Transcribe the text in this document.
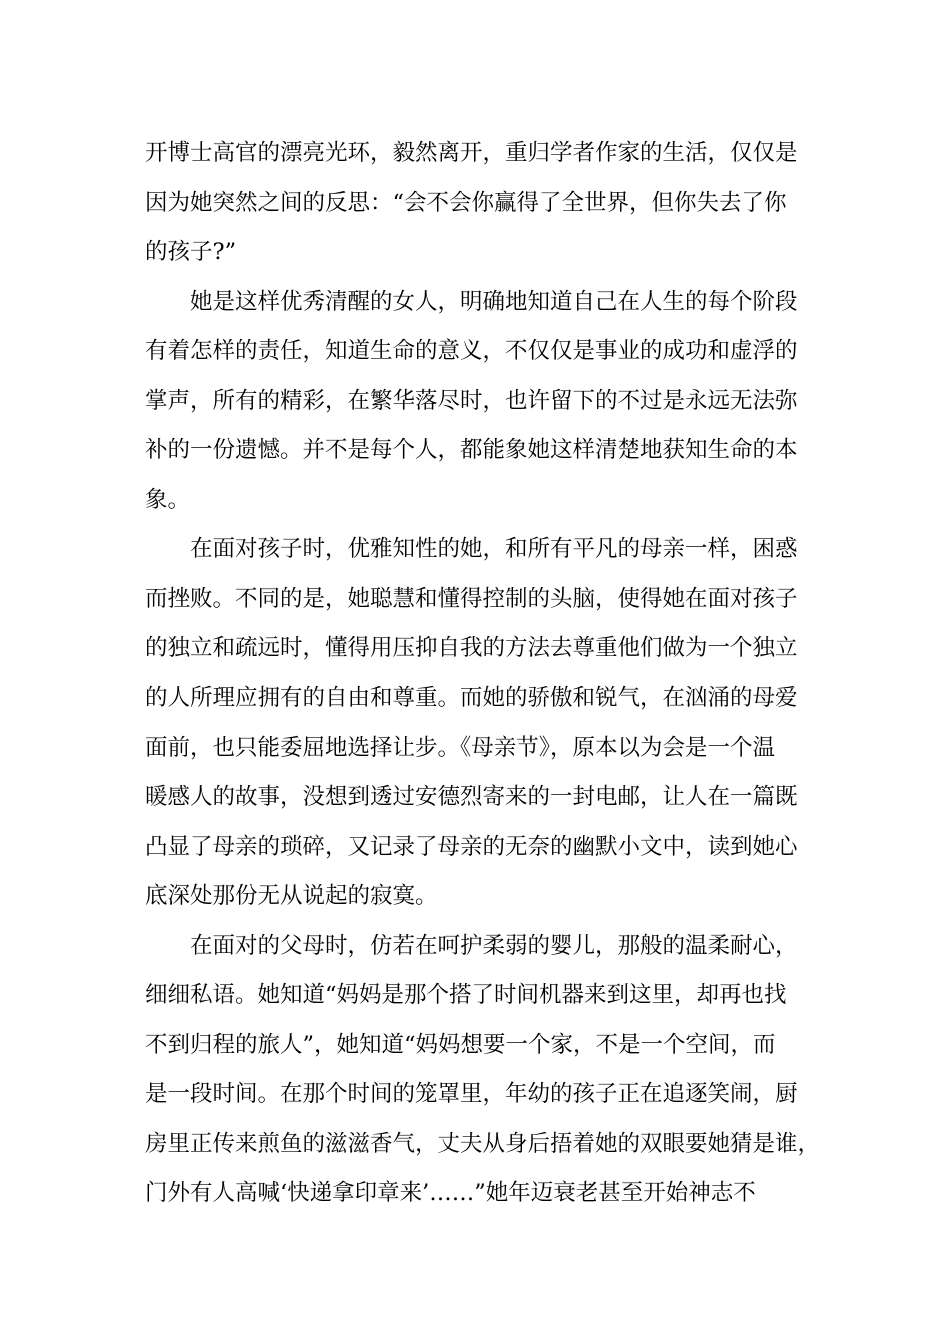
开博士高官的漂亮光环，毅然离开，重归学者作家的生活，仅仅是
因为她突然之间的反思：“会不会你赢得了全世界，但你失去了你
的孩子?”
她是这样优秀清醒的女人，明确地知道自己在人生的每个阶段
有着怎样的责任，知道生命的意义，不仅仅是事业的成功和虚浮的
掌声，所有的精彩，在繁华落尽时，也许留下的不过是永远无法弥
补的一份遗憾。并不是每个人，都能象她这样清楚地获知生命的本
象。
在面对孩子时，优雅知性的她，和所有平凡的母亲一样，困惑
而挫败。不同的是，她聪慧和懂得控制的头脑，使得她在面对孩子
的独立和疏远时，懂得用压抑自我的方法去尊重他们做为一个独立
的人所理应拥有的自由和尊重。而她的骄傲和锐气，在汹涌的母爱
面前，也只能委屈地选择让步。《母亲节》，原本以为会是一个温
暖感人的故事，没想到透过安德烈寄来的一封电邮，让人在一篇既
凸显了母亲的琐碎，又记录了母亲的无奈的幽默小文中，读到她心
底深处那份无从说起的寂寞。
在面对的父母时，仿若在呵护柔弱的婴儿，那般的温柔耐心，
细细私语。她知道“妈妈是那个搭了时间机器来到这里，却再也找
不到归程的旅人”，她知道“妈妈想要一个家，不是一个空间，而
是一段时间。在那个时间的笼罩里，年幼的孩子正在追逐笑闹，厨
房里正传来煎鱼的滋滋香气，丈夫从身后捂着她的双眼要她猜是谁，
门外有人高喊‘快递拿印章来’……”她年迈衰老甚至开始神志不
